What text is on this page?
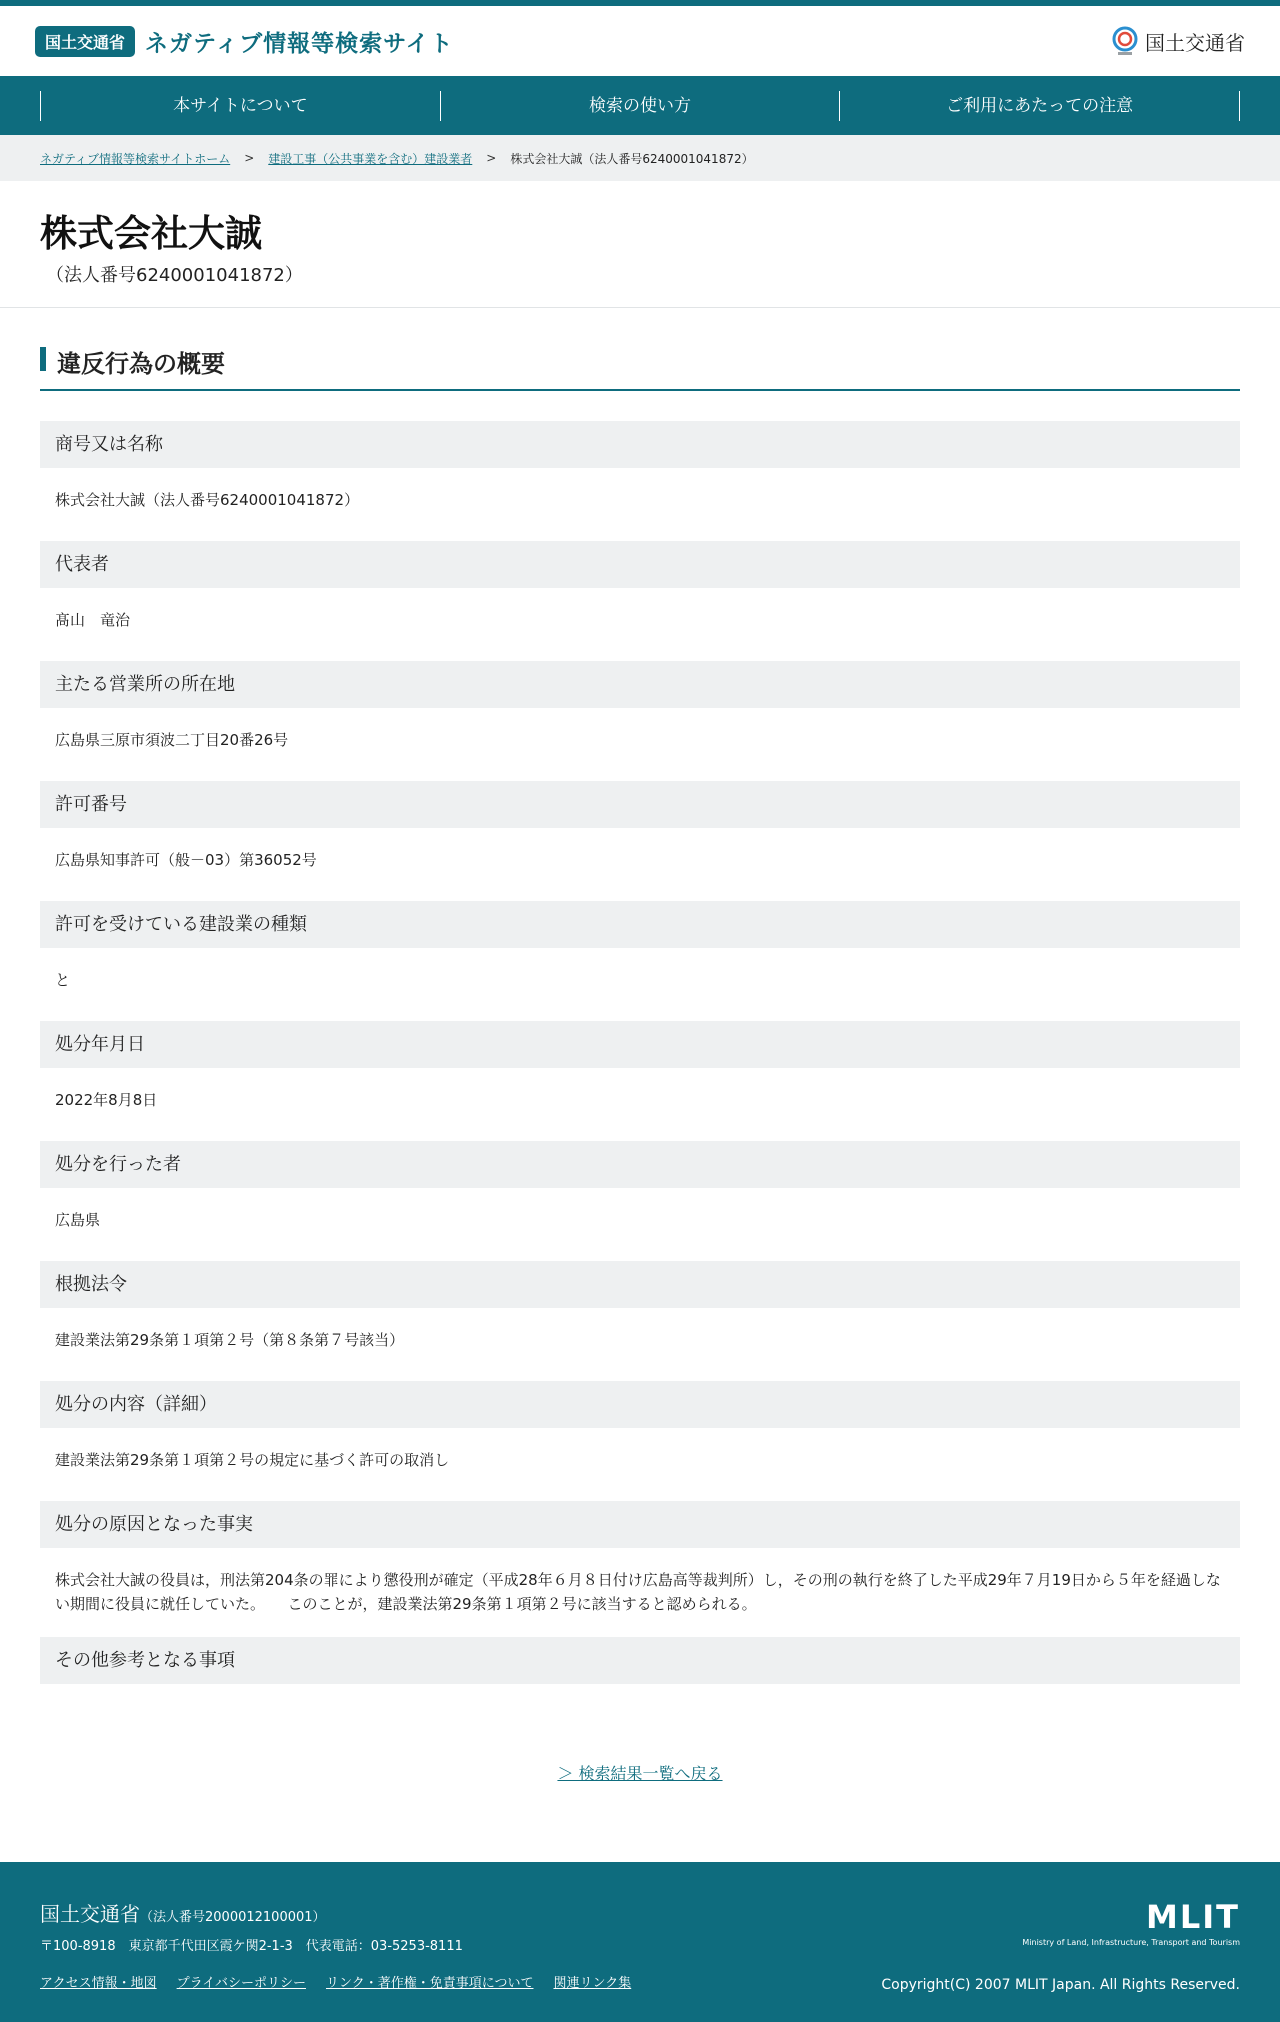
国土交通省 ネガティブ情報等検索サイト	国土交通省
本サイトについて	検索の使い方	ご利用にあたっての注意
ネガティブ情報等検索サイトホーム > 建設工事（公共事業を含む）建設業者 > 株式会社大誠（法人番号6240001041872）
株式会社大誠
（法人番号6240001041872）
違反行為の概要
商号又は名称
株式会社大誠（法人番号6240001041872）
代表者
髙山　竜治
主たる営業所の所在地
広島県三原市須波二丁目20番26号
許可番号
広島県知事許可（般－03）第36052号
許可を受けている建設業の種類
と
処分年月日
2022年8月8日
処分を行った者
広島県
根拠法令
建設業法第29条第１項第２号（第８条第７号該当）
処分の内容（詳細）
建設業法第29条第１項第２号の規定に基づく許可の取消し
処分の原因となった事実
株式会社大誠の役員は，刑法第204条の罪により懲役刑が確定（平成28年６月８日付け広島高等裁判所）し，その刑の執行を終了した平成29年７月19日から５年を経過しない期間に役員に就任していた。　　このことが，建設業法第29条第１項第２号に該当すると認められる。
その他参考となる事項
＞ 検索結果一覧へ戻る
国土交通省（法人番号2000012100001）
〒100-8918　東京都千代田区霞ケ関2-1-3　代表電話：03-5253-8111
アクセス情報・地図 プライバシーポリシー リンク・著作権・免責事項について 関連リンク集
MLIT
Ministry of Land, Infrastructure, Transport and Tourism
Copyright(C) 2007 MLIT Japan. All Rights Reserved.
